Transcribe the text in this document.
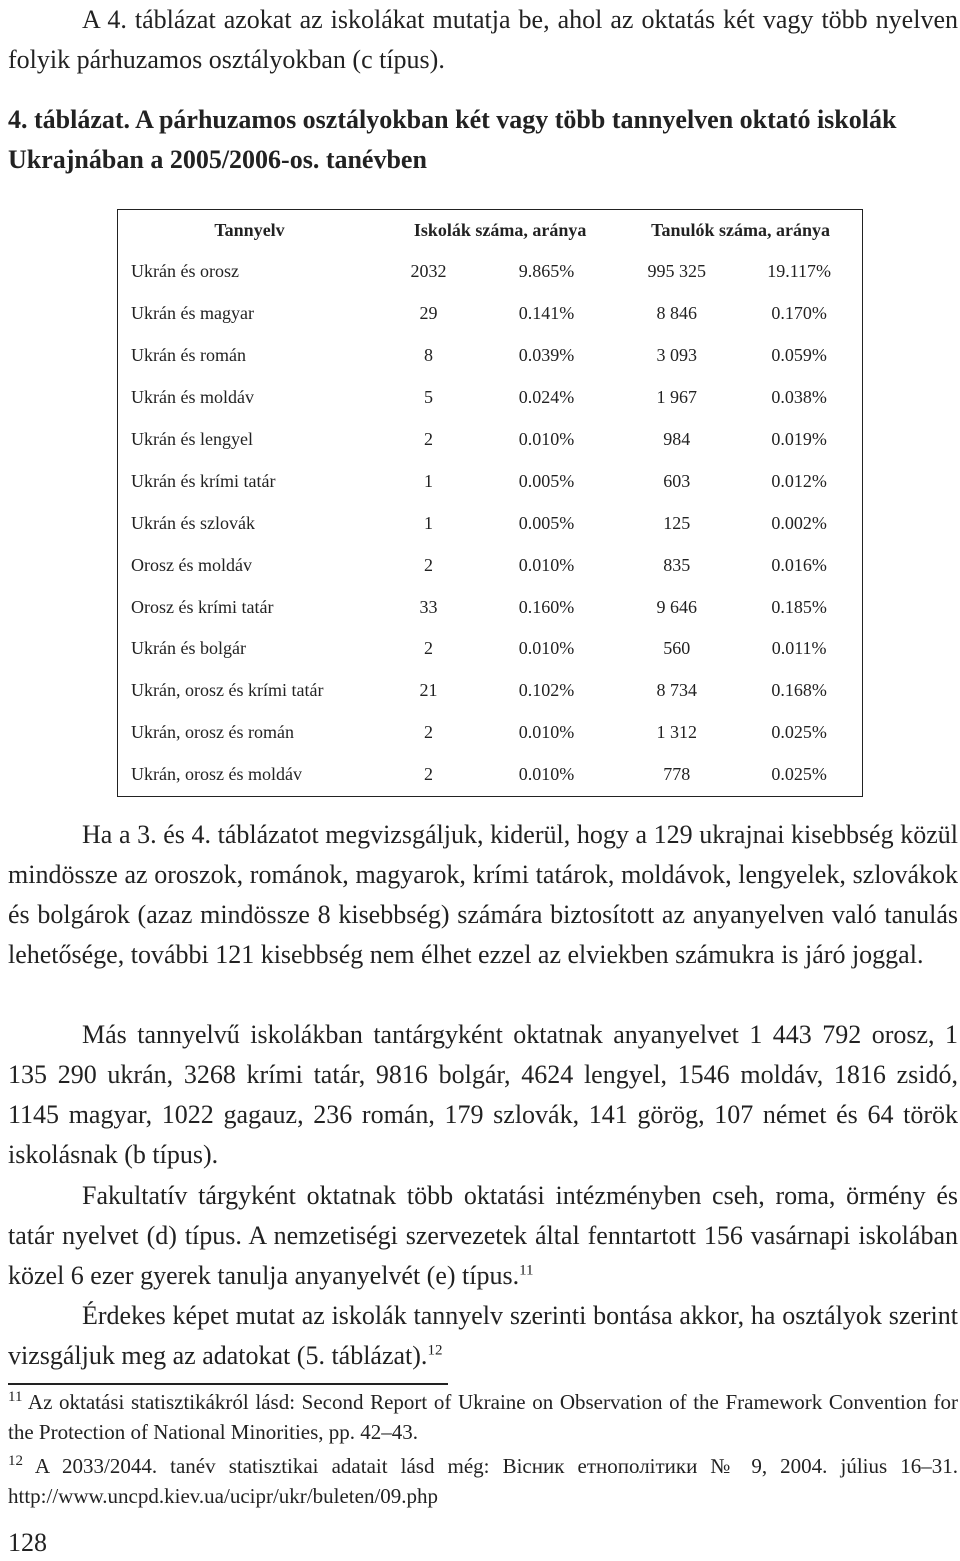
A 4. táblázat azokat az iskolákat mutatja be, ahol az oktatás két vagy több nyelven folyik párhuzamos osztályokban (c típus).

4. táblázat. A párhuzamos osztályokban két vagy több tannyelven oktató iskolák Ukrajnában a 2005/2006-os. tanévben

Tannyelv	Iskolák száma, aránya		Tanulók száma, aránya	
Ukrán és orosz	2032	9.865%	995 325	19.117%
Ukrán és magyar	29	0.141%	8 846	0.170%
Ukrán és román	8	0.039%	3 093	0.059%
Ukrán és moldáv	5	0.024%	1 967	0.038%
Ukrán és lengyel	2	0.010%	984	0.019%
Ukrán és krími tatár	1	0.005%	603	0.012%
Ukrán és szlovák	1	0.005%	125	0.002%
Orosz és moldáv	2	0.010%	835	0.016%
Orosz és krími tatár	33	0.160%	9 646	0.185%
Ukrán és bolgár	2	0.010%	560	0.011%
Ukrán, orosz és krími tatár	21	0.102%	8 734	0.168%
Ukrán, orosz és román	2	0.010%	1 312	0.025%
Ukrán, orosz és moldáv	2	0.010%	778	0.025%

Ha a 3. és 4. táblázatot megvizsgáljuk, kiderül, hogy a 129 ukrajnai kisebbség közül mindössze az oroszok, románok, magyarok, krími tatárok, moldávok, lengyelek, szlovákok és bolgárok (azaz mindössze 8 kisebbség) számára biztosított az anyanyelven való tanulás lehetősége, további 121 kisebbség nem élhet ezzel az elviekben számukra is járó joggal.

Más tannyelvű iskolákban tantárgyként oktatnak anyanyelvet 1 443 792 orosz, 1 135 290 ukrán, 3268 krími tatár, 9816 bolgár, 4624 lengyel, 1546 moldáv, 1816 zsidó, 1145 magyar, 1022 gagauz, 236 román, 179 szlovák, 141 görög, 107 német és 64 török iskolásnak (b típus).

Fakultatív tárgyként oktatnak több oktatási intézményben cseh, roma, örmény és tatár nyelvet (d) típus. A nemzetiségi szervezetek által fenntartott 156 vasárnapi iskolában közel 6 ezer gyerek tanulja anyanyelvét (e) típus.$^{11}$

Érdekes képet mutat az iskolák tannyelv szerinti bontása akkor, ha osztályok szerint vizsgáljuk meg az adatokat (5. táblázat).$^{12}$

$^{11}$ Az oktatási statisztikákról lásd: Second Report of Ukraine on Observation of the Framework Convention for the Protection of National Minorities, pp. 42–43.

$^{12}$ A 2033/2044. tanév statisztikai adatait lásd még: Вісник етнополітики № 9, 2004. július 16–31. http://www.uncpd.kiev.ua/ucipr/ukr/buleten/09.php

128
